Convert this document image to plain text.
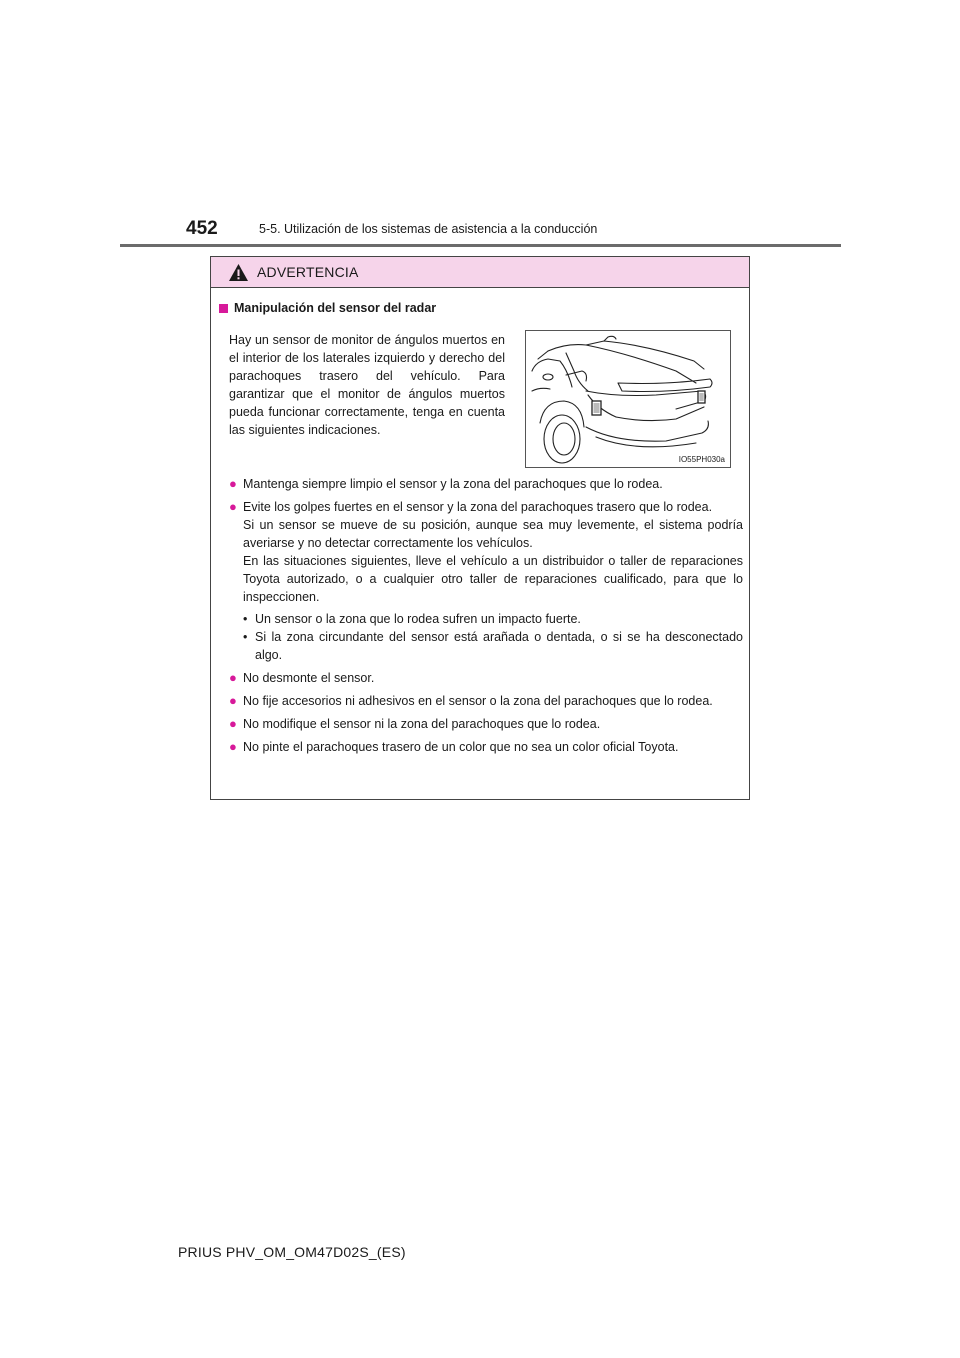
452	5-5. Utilización de los sistemas de asistencia a la conducción
ADVERTENCIA
Manipulación del sensor del radar
Hay un sensor de monitor de ángulos muertos en el interior de los laterales izquierdo y derecho del parachoques trasero del vehículo. Para garantizar que el monitor de ángulos muertos pueda funcionar correctamente, tenga en cuenta las siguientes indicaciones.
IO55PH030a
● Mantenga siempre limpio el sensor y la zona del parachoques que lo rodea.

● Evite los golpes fuertes en el sensor y la zona del parachoques trasero que lo rodea.

Si un sensor se mueve de su posición, aunque sea muy levemente, el sistema podría averiarse y no detectar correctamente los vehículos.

En las situaciones siguientes, lleve el vehículo a un distribuidor o taller de reparaciones Toyota autorizado, o a cualquier otro taller de reparaciones cualificado, para que lo inspeccionen.

• Un sensor o la zona que lo rodea sufren un impacto fuerte.
• Si la zona circundante del sensor está arañada o dentada, o si se ha desconectado algo.
● No desmonte el sensor.

● No fije accesorios ni adhesivos en el sensor o la zona del parachoques que lo rodea.

● No modifique el sensor ni la zona del parachoques que lo rodea.

● No pinte el parachoques trasero de un color que no sea un color oficial Toyota.

PRIUS PHV_OM_OM47D02S_(ES)
